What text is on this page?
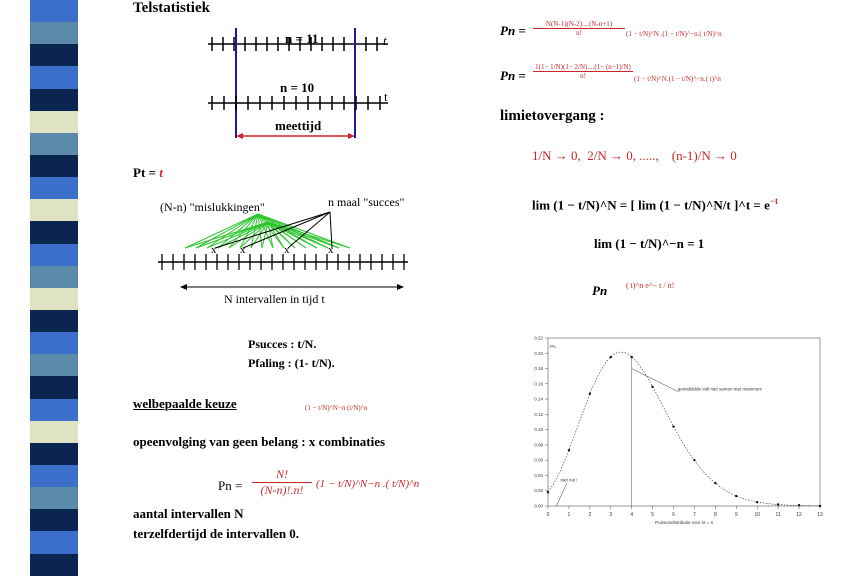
Telstatistiek
n = 11	t
n = 10
t
meettijd
Pt = t
(N-n) "mislukkingen"	n maal "succes"
x x	x	x
N intervallen in tijd t
Psucces : t/N.
Pfaling : (1- t/N).
welbepaalde keuze	(1 − t/N)^N−n (t/N)^n
opeenvolging van geen belang : x combinaties
$Pn = \frac{N!}{(N-n)!.n!} (1$ − t/N)^N−n .( t/N)^n
aantal intervallen N
terzelfdertijd de intervallen 0.
$Pn = \frac{N(N-1)(N-2)....(N-n+1)}{n!} (1$ − t/N)^N .(1 − t/N)^−n.( t/N)^n
$Pn = \frac{1(1- 1/N)(1- 2/N)....(1- (n-1)/N)}{n!} (1$ − t/N)^N.(1 − t/N)^−n.( t)^n
limietovergang :
1/N → 0, 2/N → 0, ....., (n-1)/N → 0
lim (1 − t/N)^N = [ lim (1 − t/N)^N/t ]^t = $e^{-t}$
lim (1 − t/N)^−n = 1
Pn ( t)^n e^− t / n!
0.00
0.02
0.04
0.06
0.08
0.10
0.12
0.14
0.16
0.18
0.20
0.22
0	1	2	3	4	5	6	7	8	9	10	11	12	13
Pn
Poissondistributie voor λt = 4
gemiddelde valt niet samen met maximum
niet nul !
